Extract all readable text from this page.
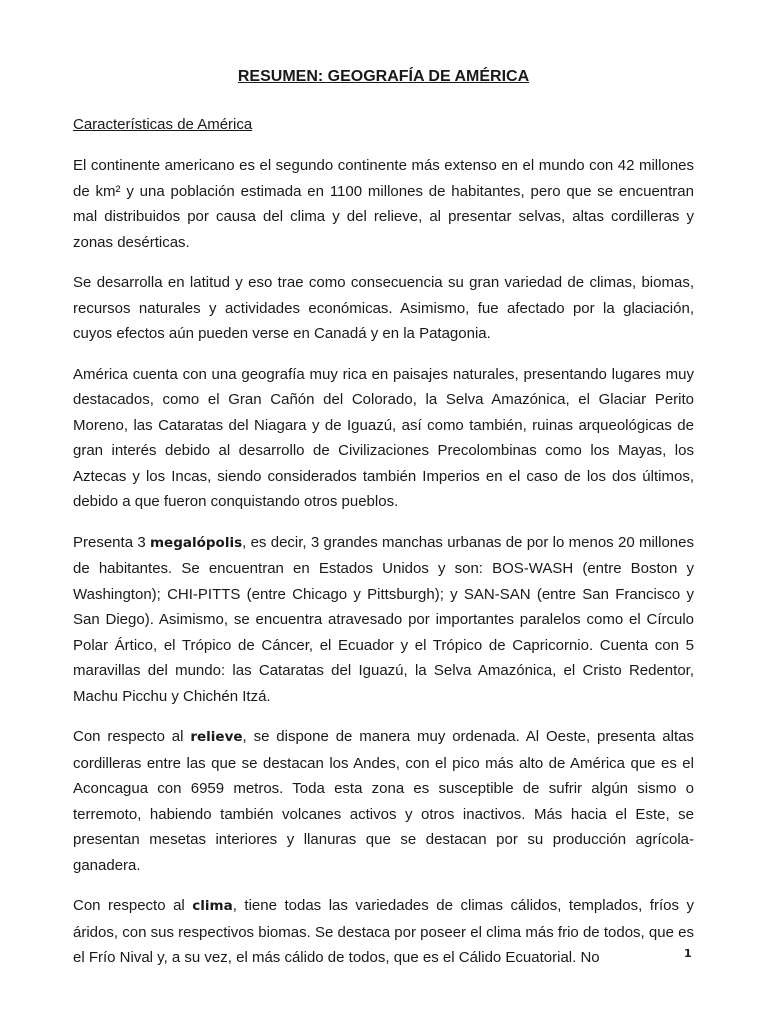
RESUMEN: GEOGRAFÍA DE AMÉRICA
Características de América

El continente americano es el segundo continente más extenso en el mundo con 42 millones de km² y una población estimada en 1100 millones de habitantes, pero que se encuentran mal distribuidos por causa del clima y del relieve, al presentar selvas, altas cordilleras y zonas desérticas.

Se desarrolla en latitud y eso trae como consecuencia su gran variedad de climas, biomas, recursos naturales y actividades económicas. Asimismo, fue afectado por la glaciación, cuyos efectos aún pueden verse en Canadá y en la Patagonia.

América cuenta con una geografía muy rica en paisajes naturales, presentando lugares muy destacados, como el Gran Cañón del Colorado, la Selva Amazónica, el Glaciar Perito Moreno, las Cataratas del Niagara y de Iguazú, así como también, ruinas arqueológicas de gran interés debido al desarrollo de Civilizaciones Precolombinas como los Mayas, los Aztecas y los Incas, siendo considerados también Imperios en el caso de los dos últimos, debido a que fueron conquistando otros pueblos.

Presenta 3 megalópolis, es decir, 3 grandes manchas urbanas de por lo menos 20 millones de habitantes. Se encuentran en Estados Unidos y son: BOS-WASH (entre Boston y Washington); CHI-PITTS (entre Chicago y Pittsburgh); y SAN-SAN (entre San Francisco y San Diego). Asimismo, se encuentra atravesado por importantes paralelos como el Círculo Polar Ártico, el Trópico de Cáncer, el Ecuador y el Trópico de Capricornio. Cuenta con 5 maravillas del mundo: las Cataratas del Iguazú, la Selva Amazónica, el Cristo Redentor, Machu Picchu y Chichén Itzá.

Con respecto al relieve, se dispone de manera muy ordenada. Al Oeste, presenta altas cordilleras entre las que se destacan los Andes, con el pico más alto de América que es el Aconcagua con 6959 metros. Toda esta zona es susceptible de sufrir algún sismo o terremoto, habiendo también volcanes activos y otros inactivos. Más hacia el Este, se presentan mesetas interiores y llanuras que se destacan por su producción agrícola-ganadera.

Con respecto al clima, tiene todas las variedades de climas cálidos, templados, fríos y áridos, con sus respectivos biomas. Se destaca por poseer el clima más frio de todos, que es el Frío Nival y, a su vez, el más cálido de todos, que es el Cálido Ecuatorial. No	1
